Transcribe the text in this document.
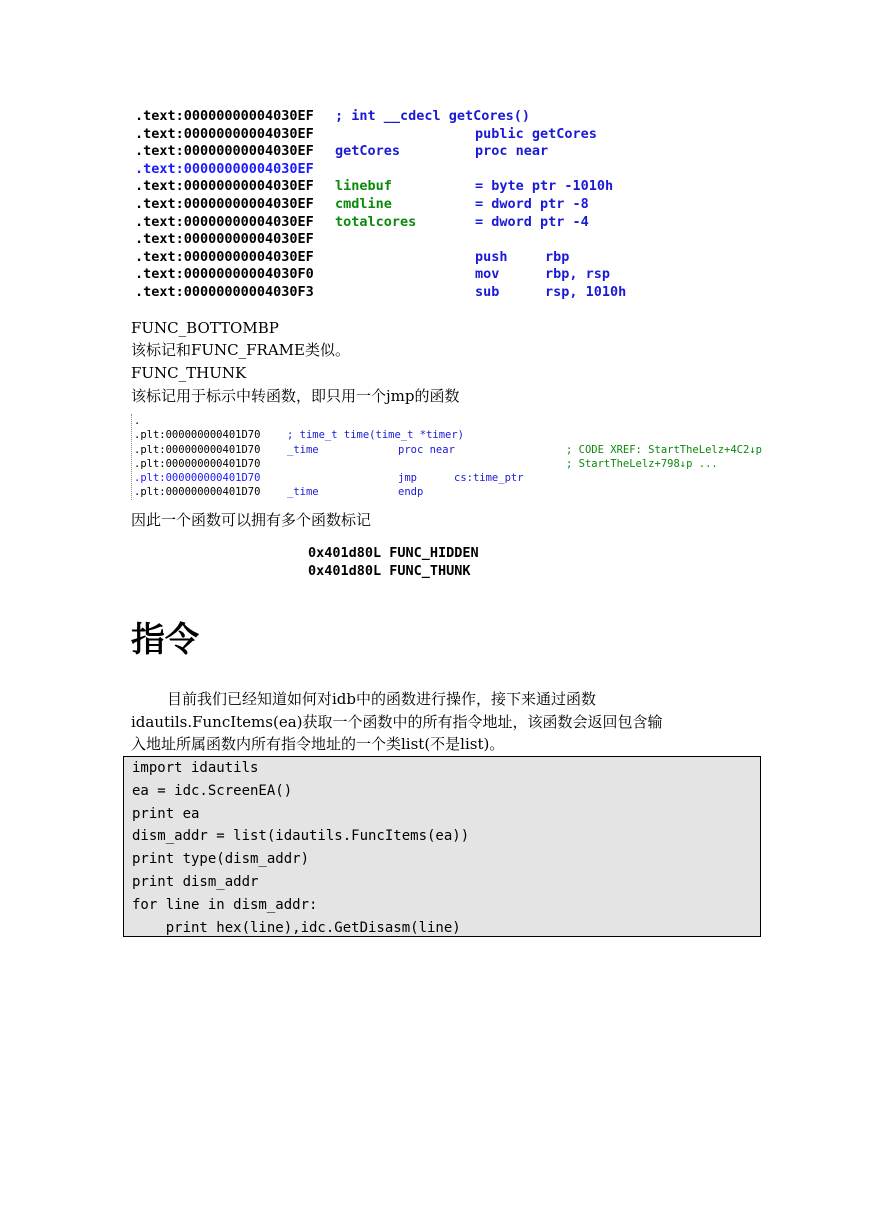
.text:00000000004030EF ; int __cdecl getCores()
.text:00000000004030EF	public getCores
.text:00000000004030EF getCores	proc near
.text:00000000004030EF
.text:00000000004030EF linebuf	= byte ptr -1010h
.text:00000000004030EF cmdline	= dword ptr -8
.text:00000000004030EF totalcores	= dword ptr -4
.text:00000000004030EF
.text:00000000004030EF	push	rbp
.text:00000000004030F0	mov	rbp, rsp
.text:00000000004030F3	sub	rsp, 1010h
FUNC_BOTTOMBP
该标记和FUNC_FRAME类似。
FUNC_THUNK
该标记用于标示中转函数，即只用一个jmp的函数
.
.plt:000000000401D70	; time_t time(time_t *timer)
.plt:000000000401D70	_time	proc near	; CODE XREF: StartTheLelz+4C2↓p
.plt:000000000401D70	; StartTheLelz+798↓p ...
.plt:000000000401D70	jmp	cs:time_ptr
.plt:000000000401D70	_time	endp
因此一个函数可以拥有多个函数标记
0x401d80L FUNC_HIDDEN
0x401d80L FUNC_THUNK
指令
目前我们已经知道如何对idb中的函数进行操作，接下来通过函数
idautils.FuncItems(ea)获取一个函数中的所有指令地址，该函数会返回包含输
入地址所属函数内所有指令地址的一个类list(不是list)。
import idautils
ea = idc.ScreenEA()
print ea
dism_addr = list(idautils.FuncItems(ea))
print type(dism_addr)
print dism_addr
for line in dism_addr:
print hex(line),idc.GetDisasm(line)
